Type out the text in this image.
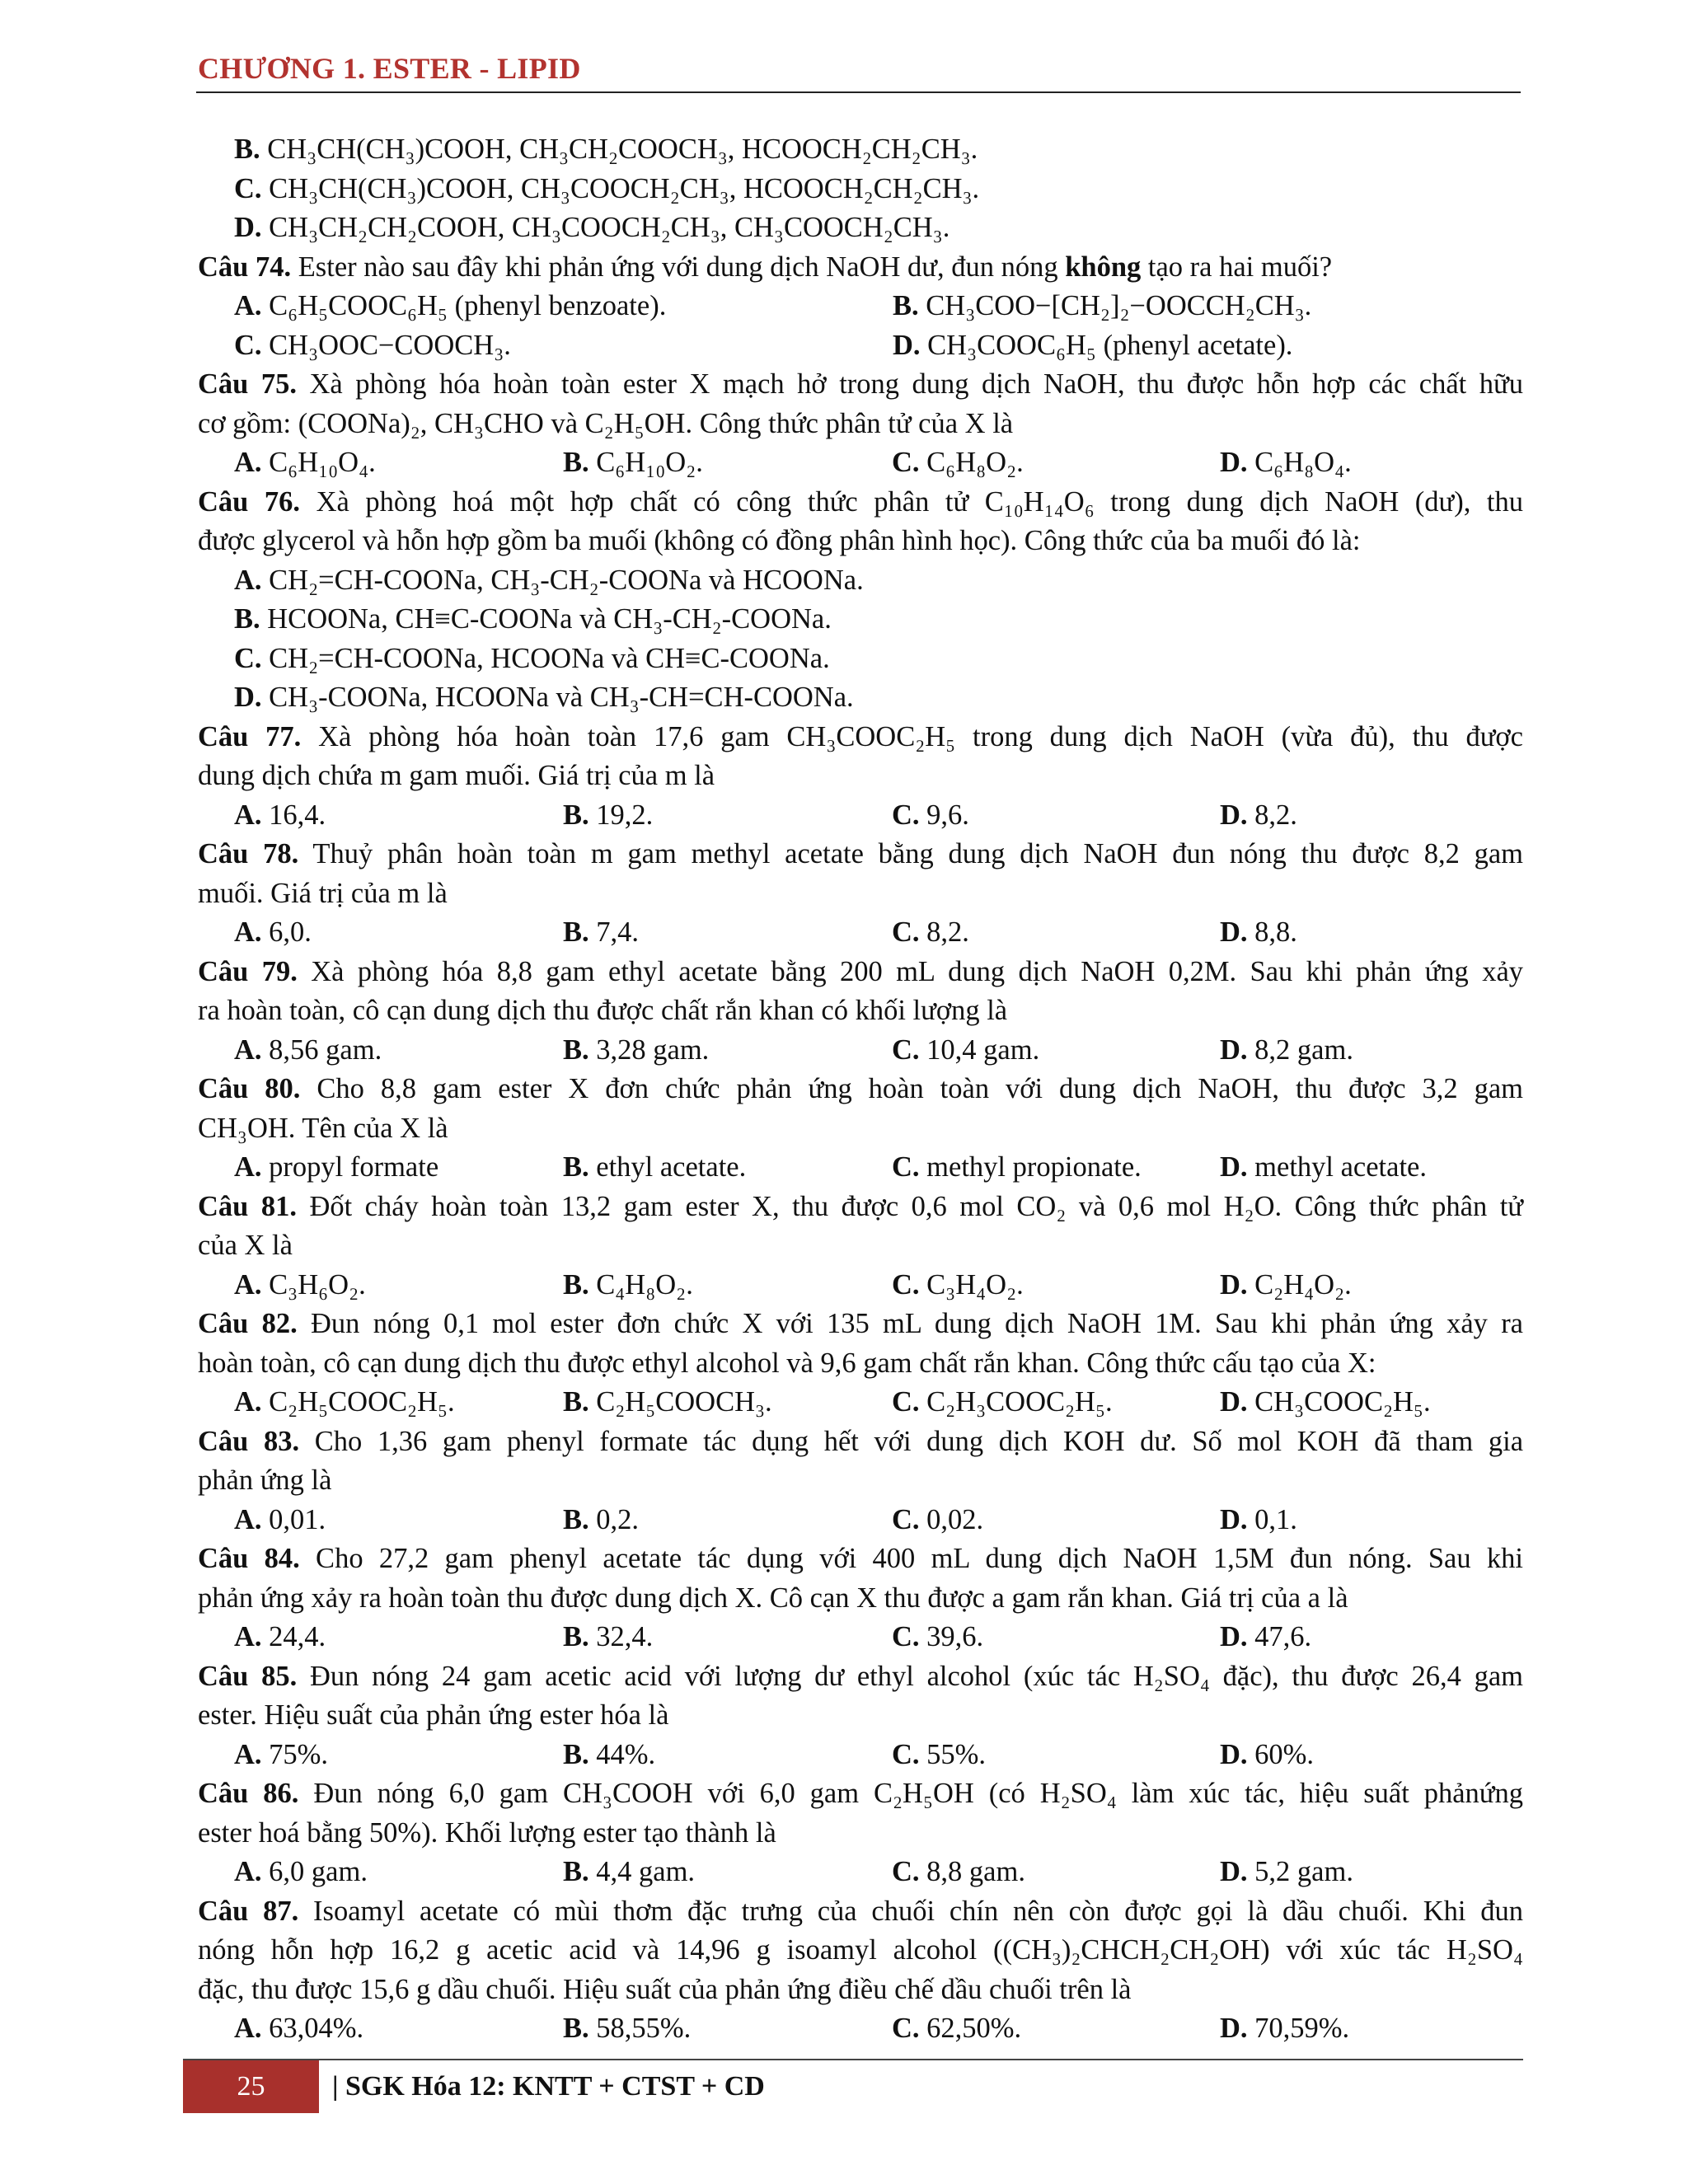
CHƯƠNG 1. ESTER - LIPID
B. CH₃CH(CH₃)COOH, CH₃CH₂COOCH₃, HCOOCH₂CH₂CH₃.
C. CH₃CH(CH₃)COOH, CH₃COOCH₂CH₃, HCOOCH₂CH₂CH₃.
D. CH₃CH₂CH₂COOH, CH₃COOCH₂CH₃, CH₃COOCH₂CH₃.
Câu 74. Ester nào sau đây khi phản ứng với dung dịch NaOH dư, đun nóng không tạo ra hai muối?
A. C₆H₅COOC₆H₅ (phenyl benzoate).	B. CH₃COO−[CH₂]₂−OOCCH₂CH₃.
C. CH₃OOC−COOCH₃.	D. CH₃COOC₆H₅ (phenyl acetate).
Câu 75. Xà phòng hóa hoàn toàn ester X mạch hở trong dung dịch NaOH, thu được hỗn hợp các chất hữu
cơ gồm: (COONa)₂, CH₃CHO và C₂H₅OH. Công thức phân tử của X là
A. C₆H₁₀O₄.	B. C₆H₁₀O₂.	C. C₆H₈O₂.	D. C₆H₈O₄.
Câu 76. Xà phòng hoá một hợp chất có công thức phân tử C₁₀H₁₄O₆ trong dung dịch NaOH (dư), thu
được glycerol và hỗn hợp gồm ba muối (không có đồng phân hình học). Công thức của ba muối đó là:
A. CH₂=CH-COONa, CH₃-CH₂-COONa và HCOONa.
B. HCOONa, CH≡C-COONa và CH₃-CH₂-COONa.
C. CH₂=CH-COONa, HCOONa và CH≡C-COONa.
D. CH₃-COONa, HCOONa và CH₃-CH=CH-COONa.
Câu 77. Xà phòng hóa hoàn toàn 17,6 gam CH₃COOC₂H₅ trong dung dịch NaOH (vừa đủ), thu được
dung dịch chứa m gam muối. Giá trị của m là
A. 16,4.	B. 19,2.	C. 9,6.	D. 8,2.
Câu 78. Thuỷ phân hoàn toàn m gam methyl acetate bằng dung dịch NaOH đun nóng thu được 8,2 gam
muối. Giá trị của m là
A. 6,0.	B. 7,4.	C. 8,2.	D. 8,8.
Câu 79. Xà phòng hóa 8,8 gam ethyl acetate bằng 200 mL dung dịch NaOH 0,2M. Sau khi phản ứng xảy
ra hoàn toàn, cô cạn dung dịch thu được chất rắn khan có khối lượng là
A. 8,56 gam.	B. 3,28 gam.	C. 10,4 gam.	D. 8,2 gam.
Câu 80. Cho 8,8 gam ester X đơn chức phản ứng hoàn toàn với dung dịch NaOH, thu được 3,2 gam
CH₃OH. Tên của X là
A. propyl formate	B. ethyl acetate.	C. methyl propionate.	D. methyl acetate.
Câu 81. Đốt cháy hoàn toàn 13,2 gam ester X, thu được 0,6 mol CO₂ và 0,6 mol H₂O. Công thức phân tử
của X là
A. C₃H₆O₂.	B. C₄H₈O₂.	C. C₃H₄O₂.	D. C₂H₄O₂.
Câu 82. Đun nóng 0,1 mol ester đơn chức X với 135 mL dung dịch NaOH 1M. Sau khi phản ứng xảy ra
hoàn toàn, cô cạn dung dịch thu được ethyl alcohol và 9,6 gam chất rắn khan. Công thức cấu tạo của X:
A. C₂H₅COOC₂H₅.	B. C₂H₅COOCH₃.	C. C₂H₃COOC₂H₅.	D. CH₃COOC₂H₅.
Câu 83. Cho 1,36 gam phenyl formate tác dụng hết với dung dịch KOH dư. Số mol KOH đã tham gia
phản ứng là
A. 0,01.	B. 0,2.	C. 0,02.	D. 0,1.
Câu 84. Cho 27,2 gam phenyl acetate tác dụng với 400 mL dung dịch NaOH 1,5M đun nóng. Sau khi
phản ứng xảy ra hoàn toàn thu được dung dịch X. Cô cạn X thu được a gam rắn khan. Giá trị của a là
A. 24,4.	B. 32,4.	C. 39,6.	D. 47,6.
Câu 85. Đun nóng 24 gam acetic acid với lượng dư ethyl alcohol (xúc tác H₂SO₄ đặc), thu được 26,4 gam
ester. Hiệu suất của phản ứng ester hóa là
A. 75%.	B. 44%.	C. 55%.	D. 60%.
Câu 86. Đun nóng 6,0 gam CH₃COOH với 6,0 gam C₂H₅OH (có H₂SO₄ làm xúc tác, hiệu suất phảnứng
ester hoá bằng 50%). Khối lượng ester tạo thành là
A. 6,0 gam.	B. 4,4 gam.	C. 8,8 gam.	D. 5,2 gam.
Câu 87. Isoamyl acetate có mùi thơm đặc trưng của chuối chín nên còn được gọi là dầu chuối. Khi đun
nóng hỗn hợp 16,2 g acetic acid và 14,96 g isoamyl alcohol ((CH₃)₂CHCH₂CH₂OH) với xúc tác H₂SO₄
đặc, thu được 15,6 g dầu chuối. Hiệu suất của phản ứng điều chế dầu chuối trên là
A. 63,04%.	B. 58,55%.	C. 62,50%.	D. 70,59%.
25	| SGK Hóa 12: KNTT + CTST + CD
